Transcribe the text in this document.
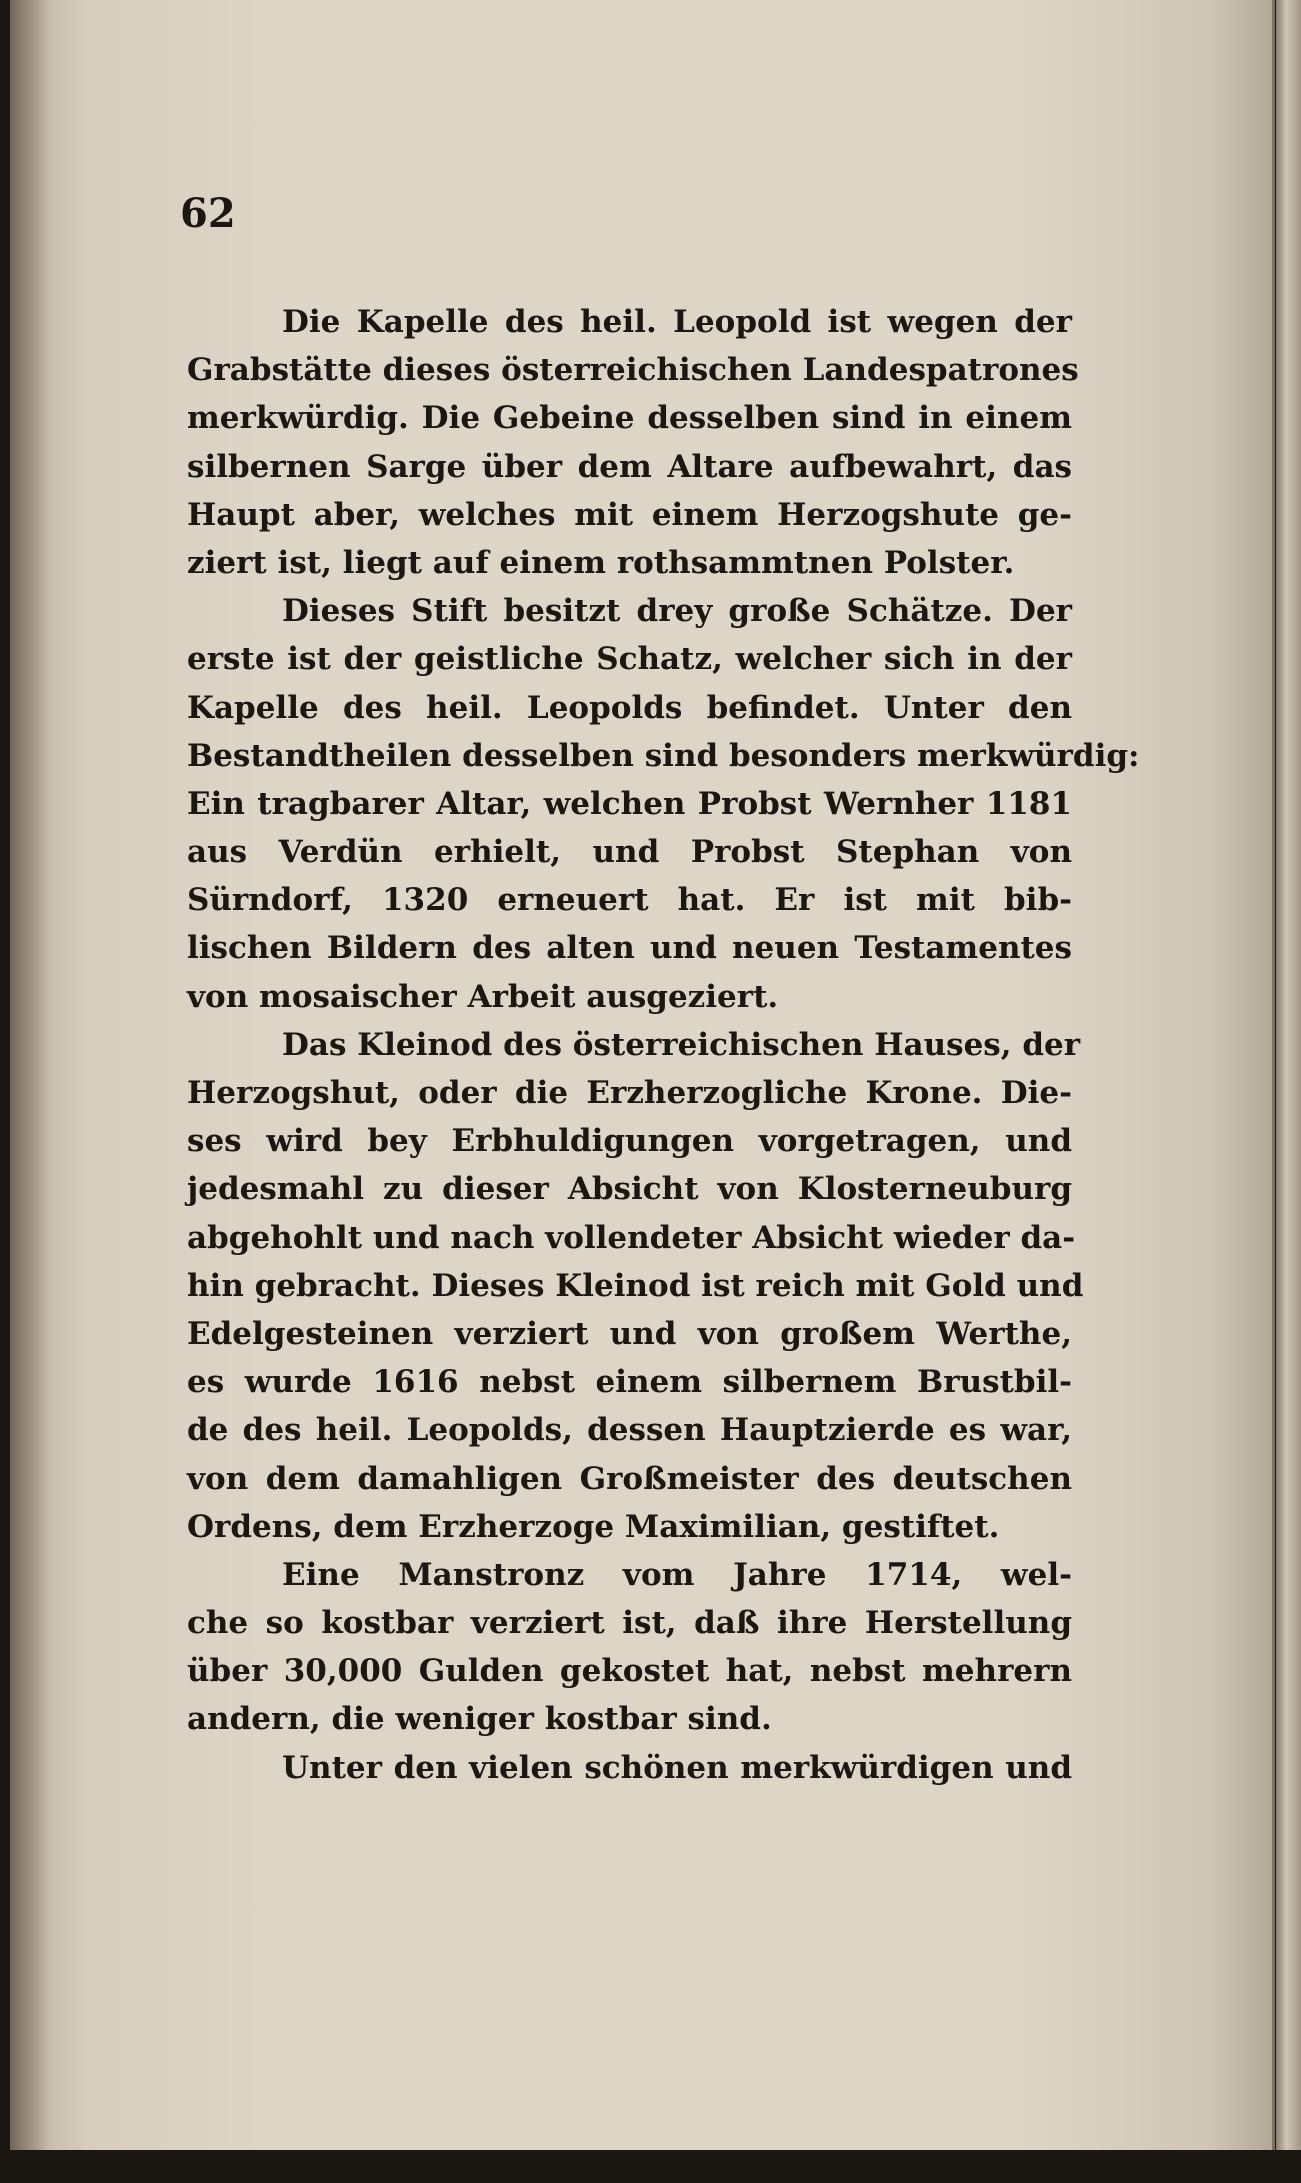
62
Die Kapelle des heil. Leopold ist wegen der
Grabstätte dieses österreichischen Landespatrones
merkwürdig. Die Gebeine desselben sind in einem
silbernen Sarge über dem Altare aufbewahrt, das
Haupt aber, welches mit einem Herzogshute ge-
ziert ist, liegt auf einem rothsammtnen Polster.
Dieses Stift besitzt drey große Schätze. Der
erste ist der geistliche Schatz, welcher sich in der
Kapelle des heil. Leopolds befindet. Unter den
Bestandtheilen desselben sind besonders merkwürdig:
Ein tragbarer Altar, welchen Probst Wernher 1181
aus Verdün erhielt, und Probst Stephan von
Sürndorf, 1320 erneuert hat. Er ist mit bib-
lischen Bildern des alten und neuen Testamentes
von mosaischer Arbeit ausgeziert.
Das Kleinod des österreichischen Hauses, der
Herzogshut, oder die Erzherzogliche Krone. Die-
ses wird bey Erbhuldigungen vorgetragen, und
jedesmahl zu dieser Absicht von Klosterneuburg
abgehohlt und nach vollendeter Absicht wieder da-
hin gebracht. Dieses Kleinod ist reich mit Gold und
Edelgesteinen verziert und von großem Werthe,
es wurde 1616 nebst einem silbernem Brustbil-
de des heil. Leopolds, dessen Hauptzierde es war,
von dem damahligen Großmeister des deutschen
Ordens, dem Erzherzoge Maximilian, gestiftet.
Eine Manstronz vom Jahre 1714, wel-
che so kostbar verziert ist, daß ihre Herstellung
über 30,000 Gulden gekostet hat, nebst mehrern
andern, die weniger kostbar sind.
Unter den vielen schönen merkwürdigen und
